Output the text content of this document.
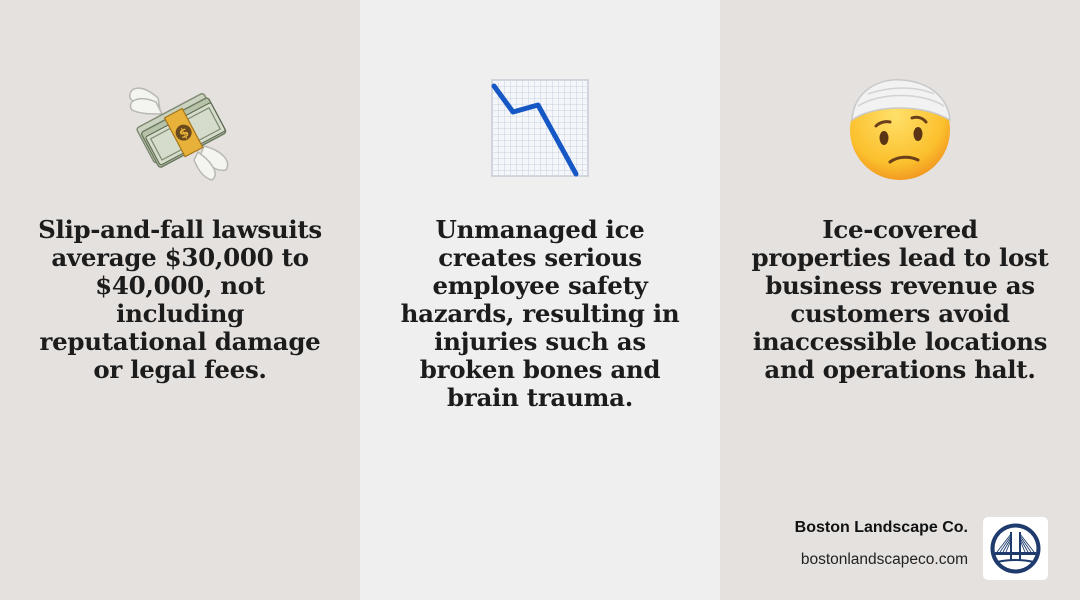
$
Slip-and-fall lawsuits average $30,000 to $40,000, not including reputational damage or legal fees.
Unmanaged ice creates serious employee safety hazards, resulting in injuries such as broken bones and brain trauma.
Ice-covered properties lead to lost business revenue as customers avoid inaccessible locations and operations halt.
Boston Landscape Co.
bostonlandscapeco.com
